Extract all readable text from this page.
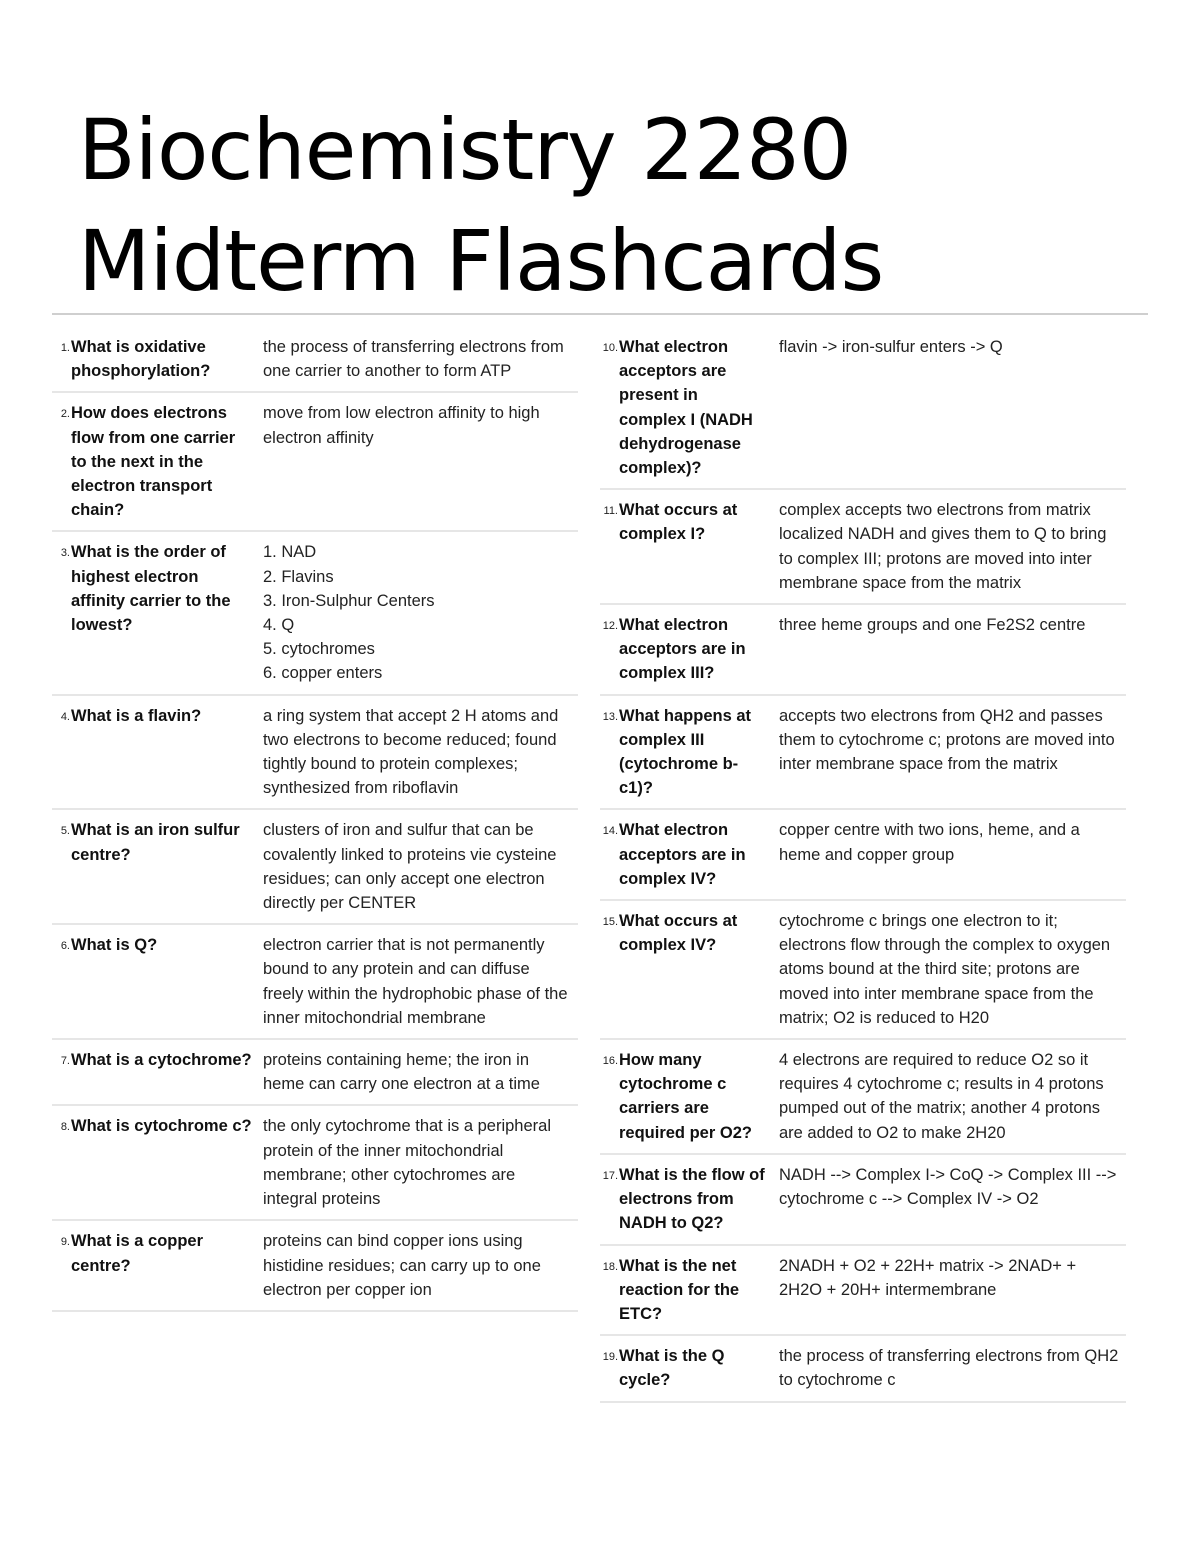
Biochemistry 2280
Midterm Flashcards
1. What is oxidative phosphorylation?
the process of transferring electrons from one carrier to another to form ATP
2. How does electrons flow from one carrier to the next in the electron transport chain?
move from low electron affinity to high electron affinity
3. What is the order of highest electron affinity carrier to the lowest?
1. NAD
2. Flavins
3. Iron-Sulphur Centers
4. Q
5. cytochromes
6. copper enters
4. What is a flavin?	a ring system that accept 2 H atoms and two electrons to become reduced; found tightly bound to protein complexes; synthesized from riboflavin
5. What is an iron sulfur centre?
clusters of iron and sulfur that can be covalently linked to proteins vie cysteine residues; can only accept one electron directly per CENTER
6. What is Q?	electron carrier that is not permanently bound to any protein and can diffuse freely within the hydrophobic phase of the inner mitochondrial membrane
7. What is a cytochrome? proteins containing heme; the iron in heme can carry one electron at a time
8. What is cytochrome c? the only cytochrome that is a peripheral protein of the inner mitochondrial membrane; other cytochromes are integral proteins
9. What is a copper centre?
proteins can bind copper ions using histidine residues; can carry up to one electron per copper ion
10. What electron acceptors are present in complex I (NADH dehydrogenase complex)?
flavin -> iron-sulfur enters -> Q
11. What occurs at complex I?
complex accepts two electrons from matrix localized NADH and gives them to Q to bring to complex III; protons are moved into inter membrane space from the matrix
12. What electron acceptors are in complex III?
three heme groups and one Fe2S2 centre
13. What happens at complex III (cytochrome b-c1)?
accepts two electrons from QH2 and passes them to cytochrome c; protons are moved into inter membrane space from the matrix
14. What electron acceptors are in complex IV?
copper centre with two ions, heme, and a heme and copper group
15. What occurs at complex IV?
cytochrome c brings one electron to it; electrons flow through the complex to oxygen atoms bound at the third site; protons are moved into inter membrane space from the matrix; O2 is reduced to H20
16. How many cytochrome c carriers are required per O2?
4 electrons are required to reduce O2 so it requires 4 cytochrome c; results in 4 protons pumped out of the matrix; another 4 protons are added to O2 to make 2H20
17. What is the flow of electrons from NADH to Q2?
NADH --> Complex I-> CoQ -> Complex III --> cytochrome c --> Complex IV -> O2
18. What is the net reaction for the ETC?
2NADH + O2 + 22H+ matrix -> 2NAD+ + 2H2O + 20H+ intermembrane
19. What is the Q cycle?
the process of transferring electrons from QH2 to cytochrome c
